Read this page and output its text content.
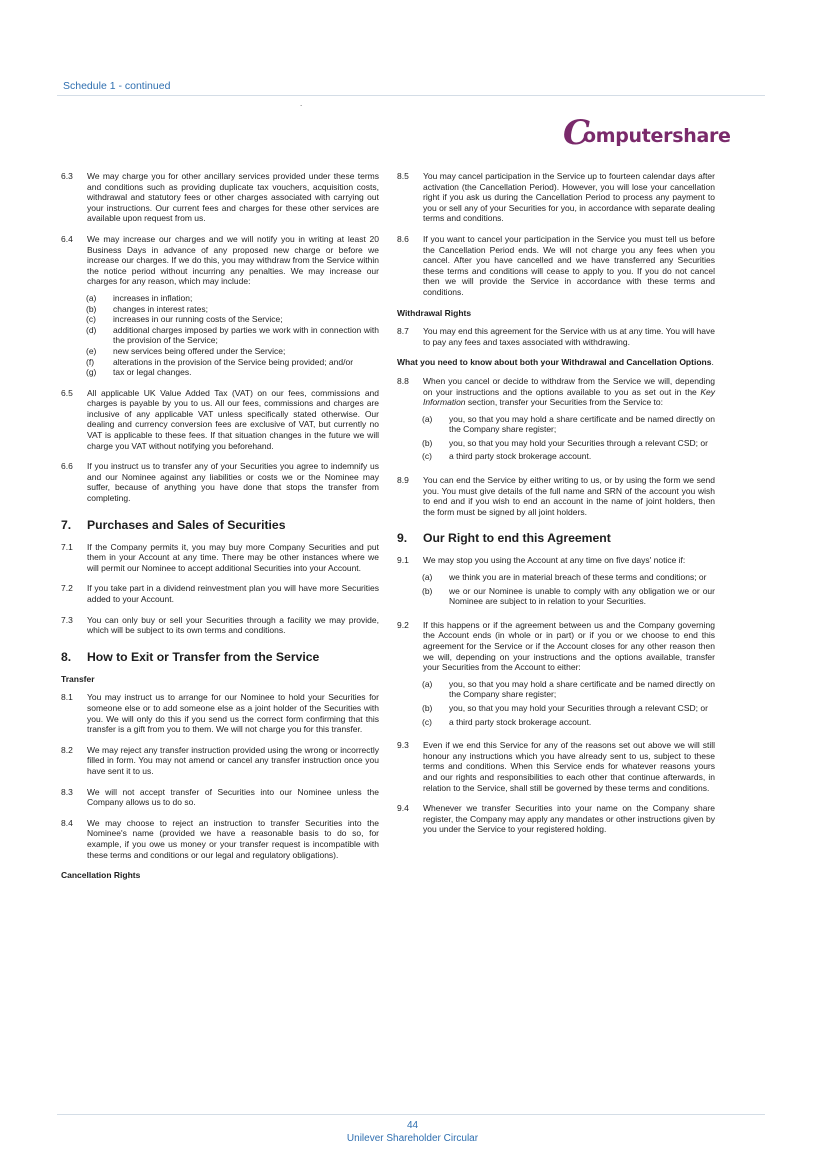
Schedule 1 - continued
.
C
omputershare
6.3	We may charge you for other ancillary services provided under these terms and conditions such as providing duplicate tax vouchers, acquisition costs, withdrawal and statutory fees or other charges associated with carrying out your instructions. Our current fees and charges for these other services are available upon request from us.
6.4	We may increase our charges and we will notify you in writing at least 20 Business Days in advance of any proposed new charge or before we increase our charges. If we do this, you may withdraw from the Service within the notice period without incurring any penalties. We may increase our charges for any reason, which may include:
(a)	increases in inflation;
(b)	changes in interest rates;
(c)	increases in our running costs of the Service;
(d)	additional charges imposed by parties we work with in connection with the provision of the Service;
(e)	new services being offered under the Service;
(f)	alterations in the provision of the Service being provided; and/or
(g)	tax or legal changes.
6.5	All applicable UK Value Added Tax (VAT) on our fees, commissions and charges is payable by you to us. All our fees, commissions and charges are inclusive of any applicable VAT unless specifically stated otherwise. Our dealing and currency conversion fees are exclusive of VAT, but currently no VAT is applicable to these fees. If that situation changes in the future we will charge you VAT without notifying you beforehand.
6.6	If you instruct us to transfer any of your Securities you agree to indemnify us and our Nominee against any liabilities or costs we or the Nominee may suffer, because of anything you have done that stops the transfer from completing.
7.	Purchases and Sales of Securities
7.1	If the Company permits it, you may buy more Company Securities and put them in your Account at any time. There may be other instances where we will permit our Nominee to accept additional Securities into your Account.
7.2	If you take part in a dividend reinvestment plan you will have more Securities added to your Account.
7.3	You can only buy or sell your Securities through a facility we may provide, which will be subject to its own terms and conditions.
8.	How to Exit or Transfer from the Service
Transfer
8.1	You may instruct us to arrange for our Nominee to hold your Securities for someone else or to add someone else as a joint holder of the Securities with you. We will only do this if you send us the correct form confirming that this transfer is a gift from you to them. We will not charge you for this transfer.
8.2	We may reject any transfer instruction provided using the wrong or incorrectly filled in form. You may not amend or cancel any transfer instruction once you have sent it to us.
8.3	We will not accept transfer of Securities into our Nominee unless the Company allows us to do so.
8.4	We may choose to reject an instruction to transfer Securities into the Nominee's name (provided we have a reasonable basis to do so, for example, if you owe us money or your transfer request is incompatible with these terms and conditions or our legal and regulatory obligations).
Cancellation Rights
8.5	You may cancel participation in the Service up to fourteen calendar days after activation (the Cancellation Period). However, you will lose your cancellation right if you ask us during the Cancellation Period to process any payment to you or sell any of your Securities for you, in accordance with separate dealing terms and conditions.
8.6	If you want to cancel your participation in the Service you must tell us before the Cancellation Period ends. We will not charge you any fees when you cancel. After you have cancelled and we have transferred any Securities these terms and conditions will cease to apply to you. If you do not cancel then we will provide the Service in accordance with these terms and conditions.
Withdrawal Rights
8.7	You may end this agreement for the Service with us at any time. You will have to pay any fees and taxes associated with withdrawing.
What you need to know about both your Withdrawal and Cancellation Options.
8.8	When you cancel or decide to withdraw from the Service we will, depending on your instructions and the options available to you as set out in the Key Information section, transfer your Securities from the Service to:
(a)	you, so that you may hold a share certificate and be named directly on the Company share register;
(b)	you, so that you may hold your Securities through a relevant CSD; or
(c)	a third party stock brokerage account.
8.9	You can end the Service by either writing to us, or by using the form we send you. You must give details of the full name and SRN of the account you wish to end and if you wish to end an account in the name of joint holders, then the form must be signed by all joint holders.
9.	Our Right to end this Agreement
9.1	We may stop you using the Account at any time on five days' notice if:
(a)	we think you are in material breach of these terms and conditions; or
(b)	we or our Nominee is unable to comply with any obligation we or our Nominee are subject to in relation to your Securities.
9.2	If this happens or if the agreement between us and the Company governing the Account ends (in whole or in part) or if you or we choose to end this agreement for the Service or if the Account closes for any other reason then we will, depending on your instructions and the options available, transfer your Securities from the Account to either:
(a)	you, so that you may hold a share certificate and be named directly on the Company share register;
(b)	you, so that you may hold your Securities through a relevant CSD; or
(c)	a third party stock brokerage account.
9.3	Even if we end this Service for any of the reasons set out above we will still honour any instructions which you have already sent to us, subject to these terms and conditions. When this Service ends for whatever reasons yours and our rights and responsibilities to each other that continue afterwards, in relation to the Service, shall still be governed by these terms and conditions.
9.4	Whenever we transfer Securities into your name on the Company share register, the Company may apply any mandates or other instructions given by you under the Service to your registered holding.
44
Unilever Shareholder Circular
